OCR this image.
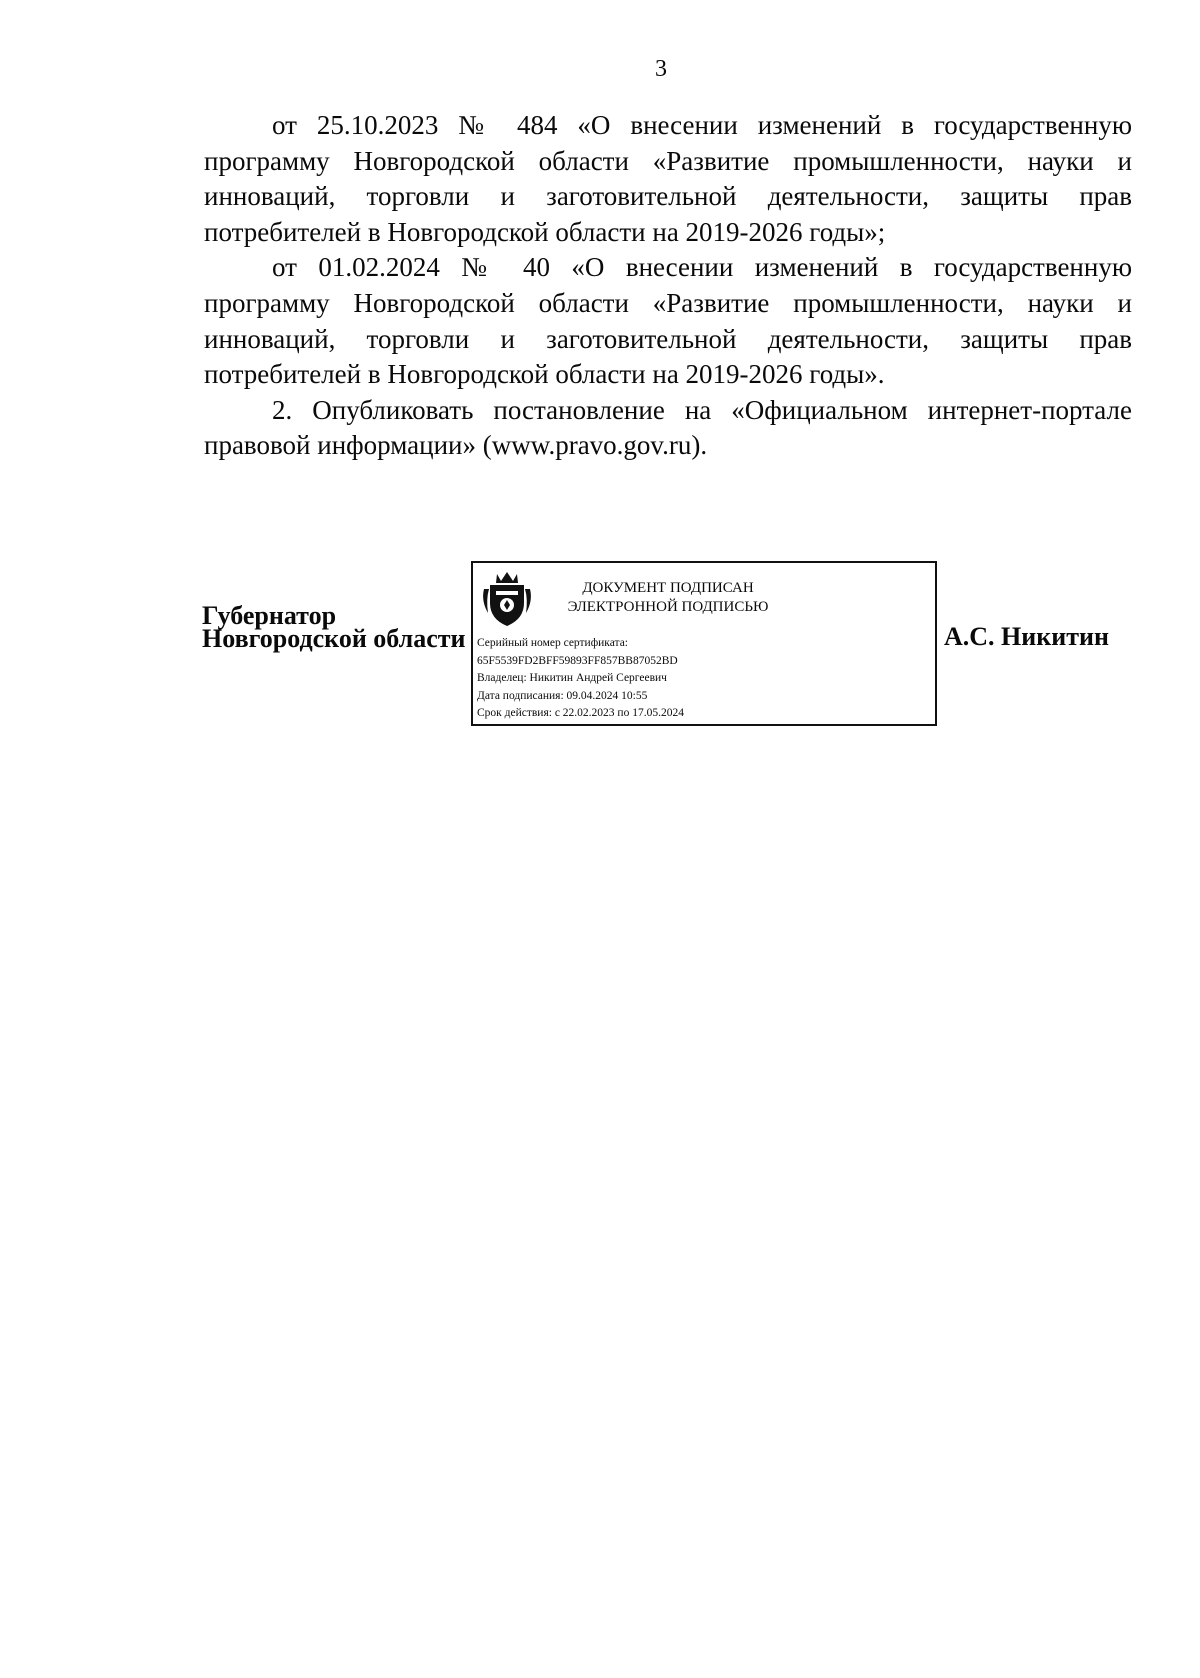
3

от 25.10.2023 № 484 «О внесении изменений в государственную программу Новгородской области «Развитие промышленности, науки и инноваций, торговли и заготовительной деятельности, защиты прав потребителей в Новгородской области на 2019-2026 годы»;

от 01.02.2024 № 40 «О внесении изменений в государственную программу Новгородской области «Развитие промышленности, науки и инноваций, торговли и заготовительной деятельности, защиты прав потребителей в Новгородской области на 2019-2026 годы».

2. Опубликовать постановление на «Официальном интернет-портале правовой информации» (www.pravo.gov.ru).

Губернатор
Новгородской области
ДОКУМЕНТ ПОДПИСАН
ЭЛЕКТРОННОЙ ПОДПИСЬЮ
Серийный номер сертификата:
65F5539FD2BFF59893FF857BB87052BD
Владелец: Никитин Андрей Сергеевич
Дата подписания: 09.04.2024 10:55
Срок действия: с 22.02.2023 по 17.05.2024
А.С. Никитин
